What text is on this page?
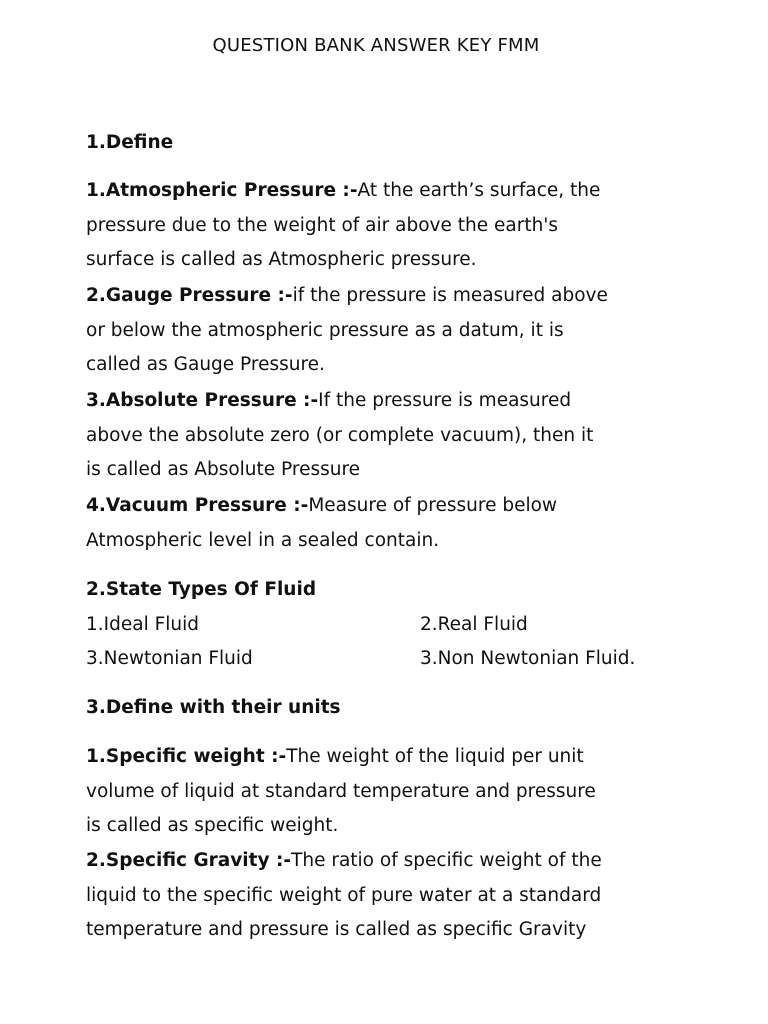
QUESTION BANK ANSWER KEY FMM
1.Define
1.Atmospheric Pressure :-At the earth’s surface, the
pressure due to the weight of air above the earth's
surface is called as Atmospheric pressure.
2.Gauge Pressure :-if the pressure is measured above
or below the atmospheric pressure as a datum, it is
called as Gauge Pressure.
3.Absolute Pressure :-If the pressure is measured
above the absolute zero (or complete vacuum), then it
is called as Absolute Pressure
4.Vacuum Pressure :-Measure of pressure below
Atmospheric level in a sealed contain.
2.State Types Of Fluid
1.Ideal Fluid	2.Real Fluid
3.Newtonian Fluid	3.Non Newtonian Fluid.
3.Define with their units
1.Specific weight :-The weight of the liquid per unit
volume of liquid at standard temperature and pressure
is called as specific weight.
2.Specific Gravity :-The ratio of specific weight of the
liquid to the specific weight of pure water at a standard
temperature and pressure is called as specific Gravity
